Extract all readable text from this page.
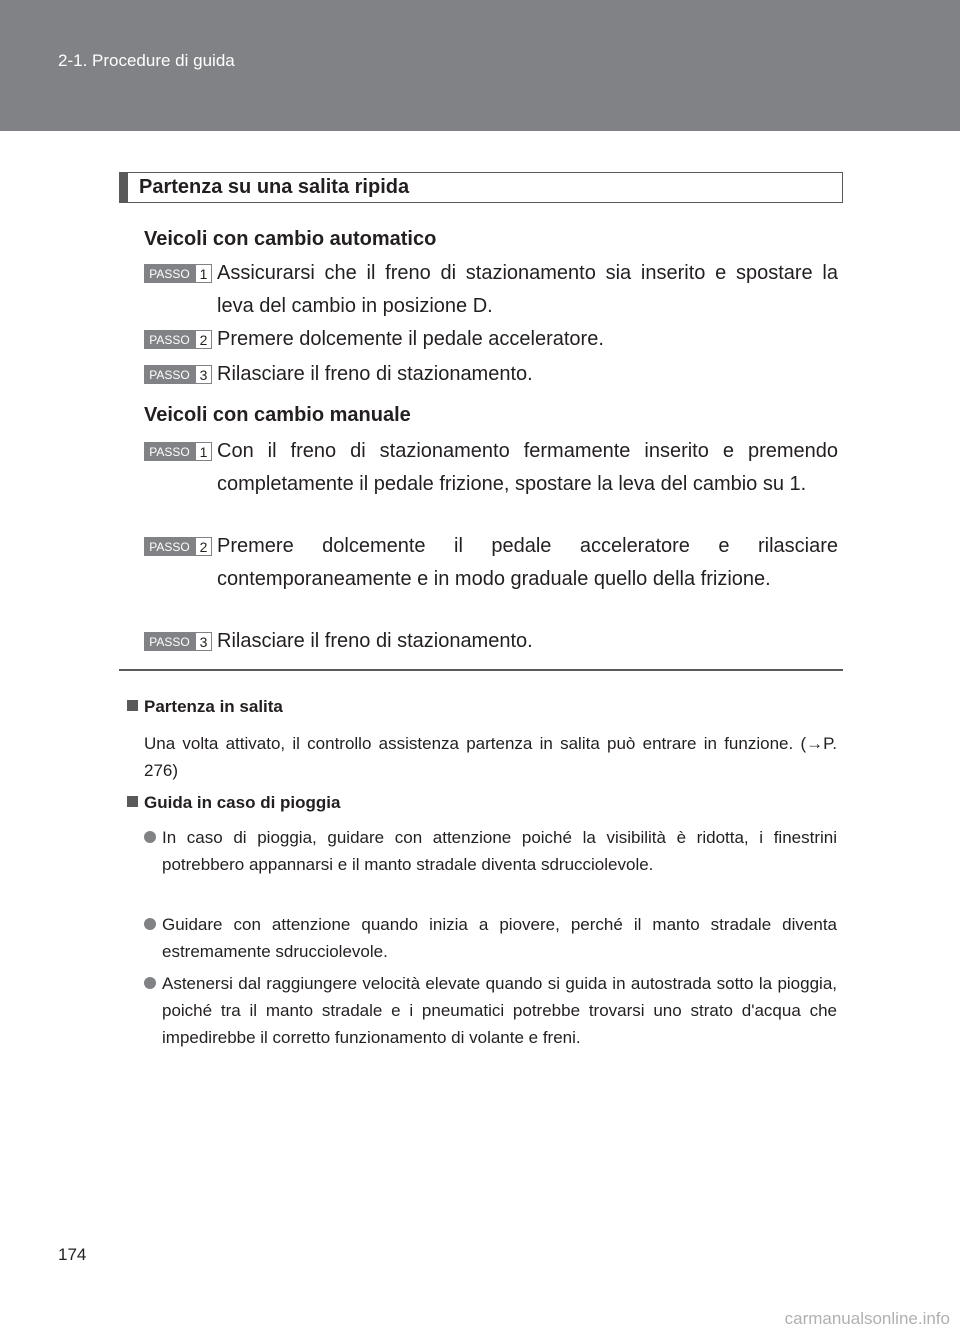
2-1. Procedure di guida
Partenza su una salita ripida
Veicoli con cambio automatico
PASSO 1 Assicurarsi che il freno di stazionamento sia inserito e spostare la leva del cambio in posizione D.
PASSO 2 Premere dolcemente il pedale acceleratore.
PASSO 3 Rilasciare il freno di stazionamento.
Veicoli con cambio manuale
PASSO 1 Con il freno di stazionamento fermamente inserito e premendo completamente il pedale frizione, spostare la leva del cambio su 1.
PASSO 2 Premere dolcemente il pedale acceleratore e rilasciare contemporaneamente e in modo graduale quello della frizione.
PASSO 3 Rilasciare il freno di stazionamento.
Partenza in salita
Una volta attivato, il controllo assistenza partenza in salita può entrare in funzione. (→P. 276)
Guida in caso di pioggia
In caso di pioggia, guidare con attenzione poiché la visibilità è ridotta, i finestrini potrebbero appannarsi e il manto stradale diventa sdrucciolevole.
Guidare con attenzione quando inizia a piovere, perché il manto stradale diventa estremamente sdrucciolevole.
Astenersi dal raggiungere velocità elevate quando si guida in autostrada sotto la pioggia, poiché tra il manto stradale e i pneumatici potrebbe trovarsi uno strato d'acqua che impedirebbe il corretto funzionamento di volante e freni.
174
carmanualsonline.info
